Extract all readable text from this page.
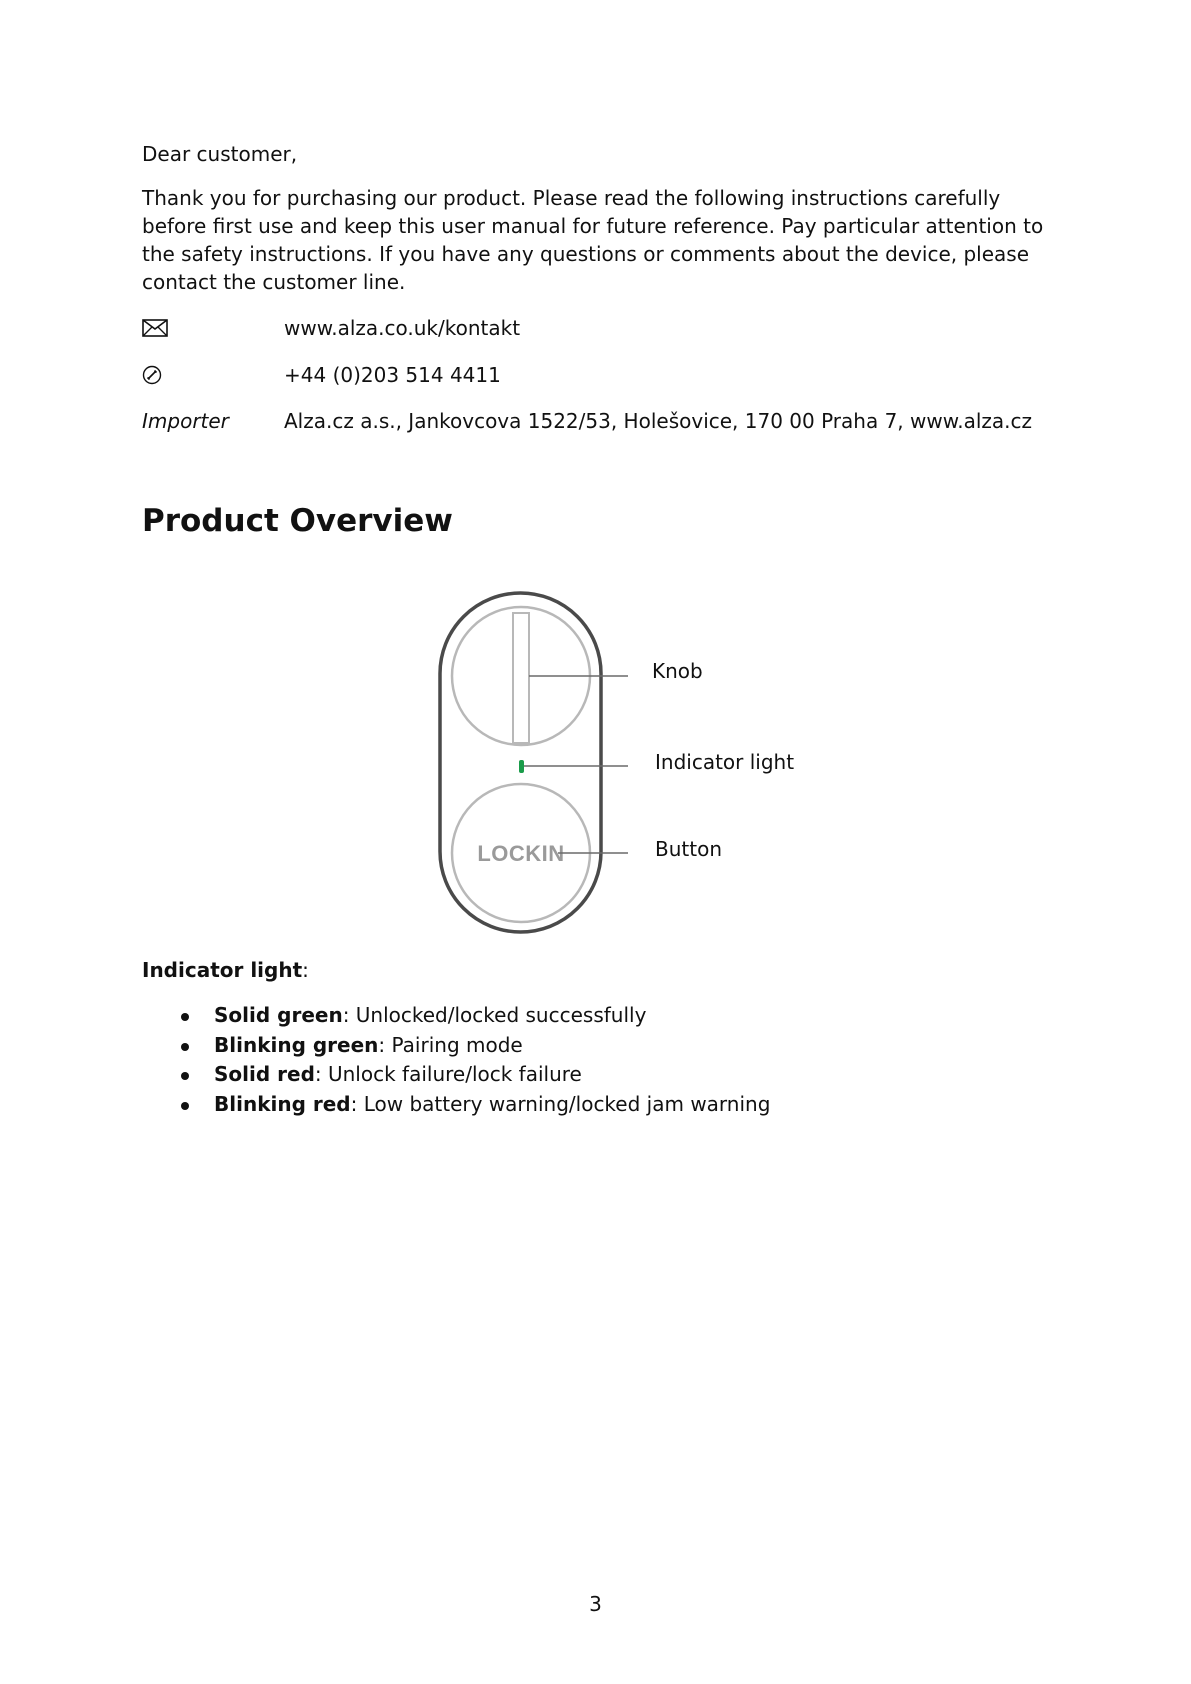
Dear customer,
Thank you for purchasing our product. Please read the following instructions carefully before first use and keep this user manual for future reference. Pay particular attention to the safety instructions. If you have any questions or comments about the device, please contact the customer line.
www.alza.co.uk/kontakt
+44 (0)203 514 4411
Importer	Alza.cz a.s., Jankovcova 1522/53, Holešovice, 170 00 Praha 7, www.alza.cz
Product Overview
LOCKIN
Knob
Indicator light
Button
Indicator light:
Solid green: Unlocked/locked successfully
Blinking green: Pairing mode
Solid red: Unlock failure/lock failure
Blinking red: Low battery warning/locked jam warning
3
